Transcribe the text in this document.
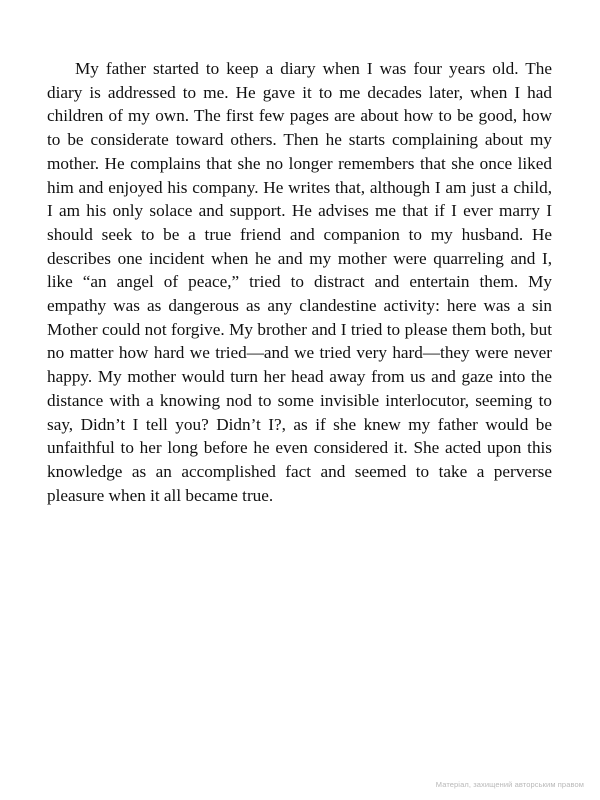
My father started to keep a diary when I was four years old. The diary is addressed to me. He gave it to me decades later, when I had children of my own. The first few pages are about how to be good, how to be considerate toward others. Then he starts complaining about my mother. He complains that she no longer remembers that she once liked him and enjoyed his company. He writes that, although I am just a child, I am his only solace and support. He advises me that if I ever marry I should seek to be a true friend and companion to my husband. He describes one incident when he and my mother were quarreling and I, like “an angel of peace,” tried to distract and entertain them. My empathy was as dangerous as any clandestine activity: here was a sin Mother could not forgive. My brother and I tried to please them both, but no matter how hard we tried—and we tried very hard—they were never happy. My mother would turn her head away from us and gaze into the distance with a knowing nod to some invisible interlocutor, seeming to say, Didn’t I tell you? Didn’t I?, as if she knew my father would be unfaithful to her long before he even considered it. She acted upon this knowledge as an accomplished fact and seemed to take a perverse pleasure when it all became true.

Матеріал, захищений авторським правом
